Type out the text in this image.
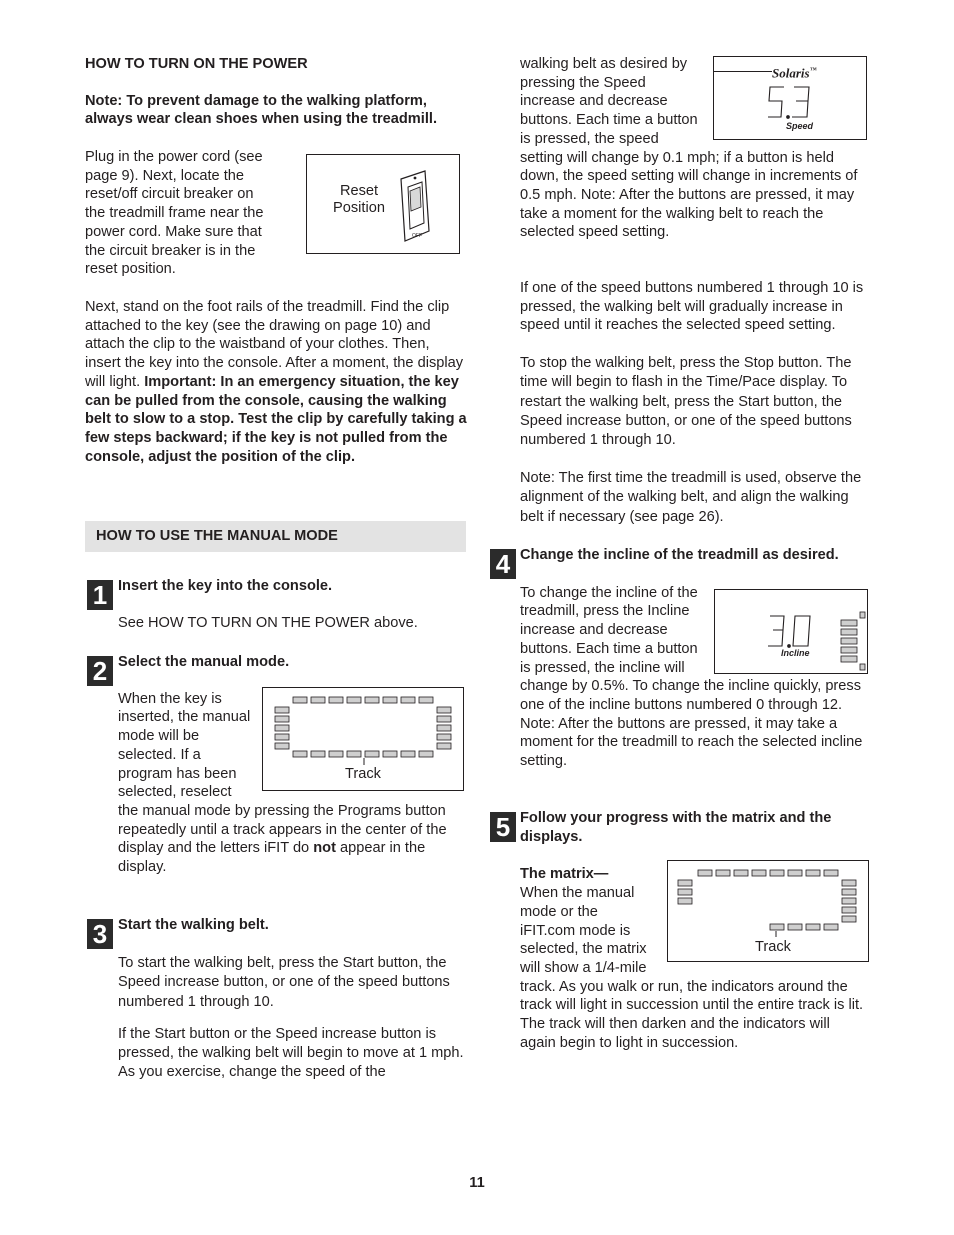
HOW TO TURN ON THE POWER

Note: To prevent damage to the walking platform, always wear clean shoes when using the treadmill.

Plug in the power cord (see page 9). Next, locate the reset/off circuit breaker on the treadmill frame near the power cord. Make sure that the circuit breaker is in the reset position.

Reset
Position
OFF

Next, stand on the foot rails of the treadmill. Find the clip attached to the key (see the drawing on page 10) and attach the clip to the waistband of your clothes. Then, insert the key into the console. After a moment, the display will light. Important: In an emergency situation, the key can be pulled from the console, causing the walking belt to slow to a stop. Test the clip by carefully taking a few steps backward; if the key is not pulled from the console, adjust the position of the clip.

HOW TO USE THE MANUAL MODE
1 Insert the key into the console.

See HOW TO TURN ON THE POWER above.

2 Select the manual mode.

Track

When the key is inserted, the manual mode will be selected. If a program has been selected, reselect the manual mode by pressing the Programs button repeatedly until a track appears in the center of the display and the letters iFIT do not appear in the display.

3 Start the walking belt.

To start the walking belt, press the Start button, the Speed increase button, or one of the speed buttons numbered 1 through 10.

If the Start button or the Speed increase button is pressed, the walking belt will begin to move at 1 mph. As you exercise, change the speed of the

Solaris™
5.3
Speed

walking belt as desired by pressing the Speed increase and decrease buttons. Each time a button is pressed, the speed setting will change by 0.1 mph; if a button is held down, the speed setting will change in increments of 0.5 mph. Note: After the buttons are pressed, it may take a moment for the walking belt to reach the selected speed setting.

If one of the speed buttons numbered 1 through 10 is pressed, the walking belt will gradually increase in speed until it reaches the selected speed setting.

To stop the walking belt, press the Stop button. The time will begin to flash in the Time/Pace display. To restart the walking belt, press the Start button, the Speed increase button, or one of the speed buttons numbered 1 through 10.

Note: The first time the treadmill is used, observe the alignment of the walking belt, and align the walking belt if necessary (see page 26).

4 Change the incline of the treadmill as desired.

3.0
Incline

To change the incline of the treadmill, press the Incline increase and decrease buttons. Each time a button is pressed, the incline will change by 0.5%. To change the incline quickly, press one of the incline buttons numbered 0 through 12. Note: After the buttons are pressed, it may take a moment for the treadmill to reach the selected incline setting.

5 Follow your progress with the matrix and the displays.

Track

The matrix—
When the manual mode or the iFIT.com mode is selected, the matrix will show a 1/4-mile track. As you walk or run, the indicators around the track will light in succession until the entire track is lit. The track will then darken and the indicators will again begin to light in succession.

11
